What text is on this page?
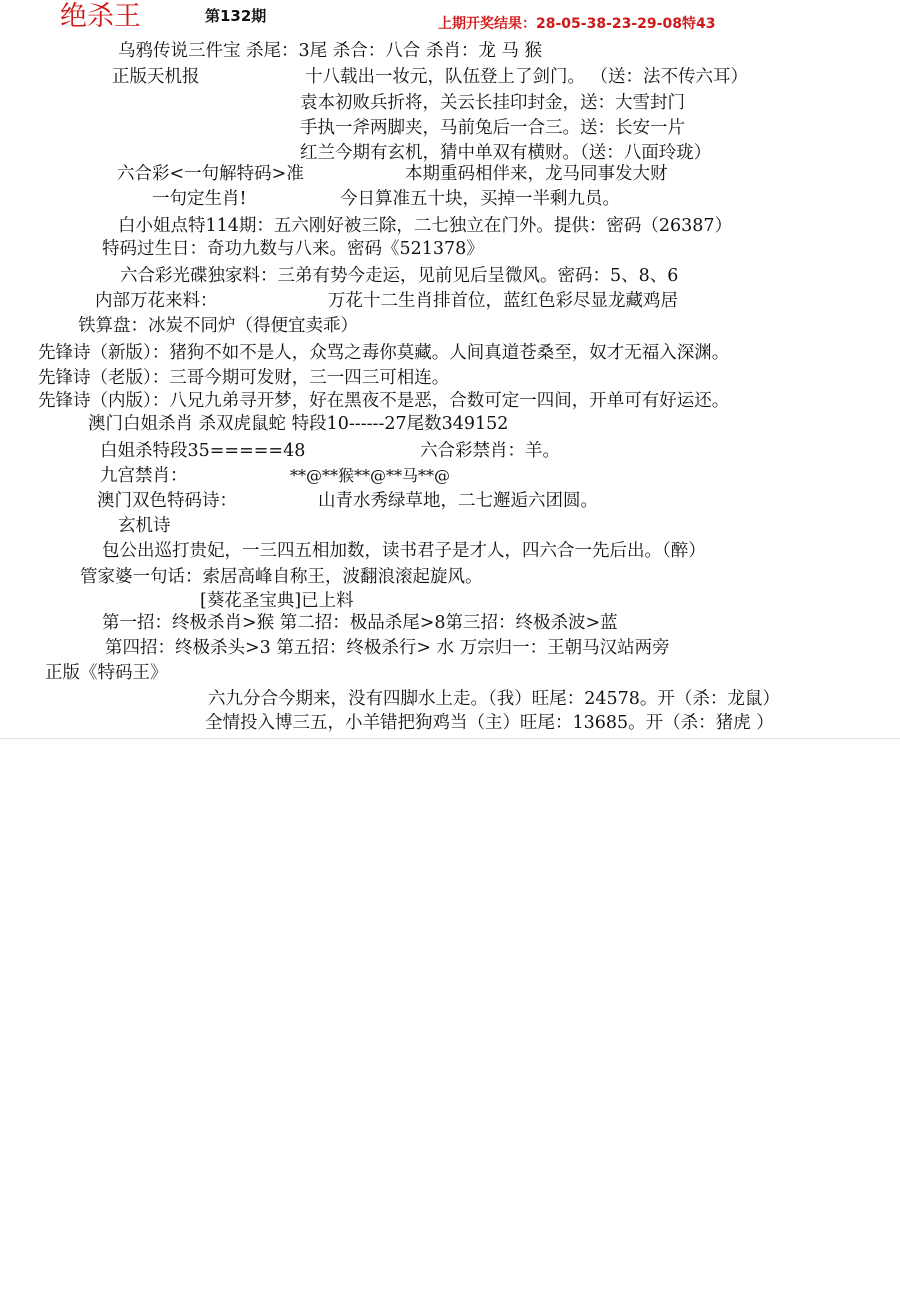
绝杀王	第132期	上期开奖结果：28-05-38-23-29-08特43
乌鸦传说三件宝 杀尾：3尾 杀合：八合 杀肖：龙 马 猴
正版天机报	十八载出一妆元，队伍登上了剑门。 （送：法不传六耳）
袁本初败兵折将，关云长挂印封金，送：大雪封门
手执一斧两脚夹，马前兔后一合三。送：长安一片
红兰今期有玄机，猜中单双有横财。（送：八面玲珑）
六合彩<一句解特码>准	本期重码相伴来，龙马同事发大财
一句定生肖!	今日算准五十块，买掉一半剩九员。
白小姐点特114期：五六刚好被三除，二七独立在门外。提供：密码（26387）
特码过生日：奇功九数与八来。密码《521378》
六合彩光碟独家料：三弟有势今走运，见前见后呈微风。密码：5、8、6
内部万花来料：	万花十二生肖排首位，蓝红色彩尽显龙藏鸡居
铁算盘：冰炭不同炉（得便宜卖乖）
先锋诗（新版）：猪狗不如不是人，众骂之毒你莫藏。人间真道苍桑至，奴才无福入深渊。
先锋诗（老版）：三哥今期可发财，三一四三可相连。
先锋诗（内版）：八兄九弟寻开梦，好在黑夜不是恶，合数可定一四间，开单可有好运还。
澳门白姐杀肖 杀双虎鼠蛇 特段10------27尾数349152
白姐杀特段35=====48	六合彩禁肖：羊。
九宫禁肖：	**@**猴**@**马**@
澳门双色特码诗：	山青水秀绿草地，二七邂逅六团圆。
玄机诗
包公出巡打贵妃，一三四五相加数，读书君子是才人，四六合一先后出。（醉）
管家婆一句话：索居高峰自称王，波翻浪滚起旋风。
[葵花圣宝典]已上料
第一招：终极杀肖>猴 第二招：极品杀尾>8第三招：终极杀波>蓝
第四招：终极杀头>3 第五招：终极杀行> 水 万宗归一：王朝马汉站两旁
正版《特码王》
六九分合今期来，没有四脚水上走。（我）旺尾：24578。开（杀：龙鼠）
全情投入博三五，小羊错把狗鸡当（主）旺尾：13685。开（杀：猪虎 ）
